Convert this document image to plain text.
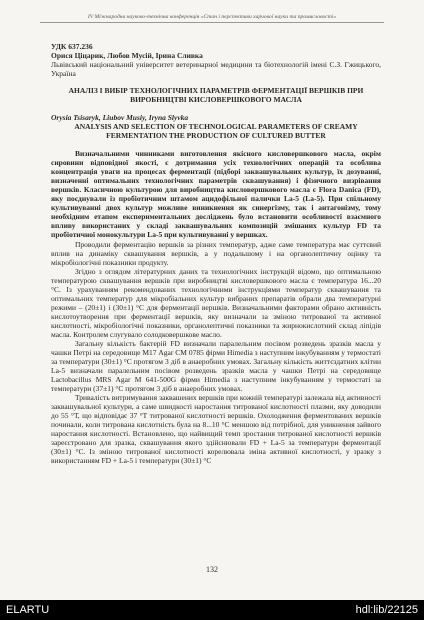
IV Міжнародна науково-технічна конференція «Стан і перспективи харчової науки та промисловості»
УДК 637.236
Орися Ціцарик, Любов Мусій, Ірина Сливка
Львівський національний університет ветеринарної медицини та біотехнологій імені С.З. Гжицького, Україна
АНАЛІЗ І ВИБІР ТЕХНОЛОГІЧНИХ ПАРАМЕТРІВ ФЕРМЕНТАЦІЇ ВЕРШКІВ ПРИ ВИРОБНИЦТВІ КИСЛОВЕРШКОВОГО МАСЛА
Orysia Tsisaryk, Liubov Musiy, Iryna Slyvka
ANALYSIS AND SELECTION OF TECHNOLOGICAL PARAMETERS OF CREAMY FERMENTATION THE PRODUCTION OF CULTURED BUTTER

Визначальними чинниками виготовлення якісного кисловершкового масла, окрім сировини відповідної якості, є дотримання усіх технологічних операцій та особлива концентрація уваги на процесах ферментації (підборі заквашувальних культур, їх дозуванні, визначенні оптимальних технологічних параметрів сквашування) і фізичного визрівання вершків. Класичною культурою для виробництва кисловершкового масла є Flora Danica (FD), яку поєднували із пробіотичним штамом ацидофільної палички La-5 (La-5). При спільному культивуванні двох культур можливе виникнення як синергізму, так і антагонізму, тому необхідним етапом експериментальних досліджень було встановити особливості взаємного впливу використаних у складі заквашувальних композицій змішаних культур FD та пробіотичної монокультури La-5 при культивуванні у вершках.

Проводили ферментацію вершків за різних температур, адже саме температура має суттєвий вплив на динаміку сквашування вершків, а у подальшому і на органолептичну оцінку та мікробіологічні показники продукту.

Згідно з оглядом літературних даних та технологічних інструкцій відомо, що оптимальною температурою сквашування вершків при виробництві кисловершкового масла є температура 16...20 °С. Із урахуванням рекомендованих технологічними інструкціями температур сквашування та оптимальних температур для мікробіальних культур вибраних препаратів обрали два температурні режими – (20±1) і (30±1) °С для ферментації вершків. Визначальними факторами обрано активність кислотоутворення при ферментації вершків, яку визначали за зміною титрованої та активної кислотності, мікробіологічні показники, органолептичні показники та жирнокислотний склад ліпідів масла. Контролем слугувало солодковершкове масло.

Загальну кількість бактерій FD визначали паралельним посівом розведень зразків масла у чашки Петрі на середовище М17 Agar CM 0785 фірми Himedia з наступним інкубуванням у термостаті за температури (30±1) °С протягом 3 діб в анаеробних умовах. Загальну кількість життєздатних клітин La-5 визначали паралельним посівом розведень зразків масла у чашки Петрі на середовище Lactobacillus MRS Agar M 641-500G фірми Himedia з наступним інкубуванням у термостаті за температури (37±1) °С протягом 3 діб в анаеробних умовах.

Тривалість витримування заквашених вершків при кожній температурі залежала від активності заквашувальної культури, а саме швидкості наростання титрованої кислотності плазми, яку доводили до 55 °Т, що відповідає 37 °Т титрованої кислотності вершків. Охолодження ферментованих вершків починали, коли титрована кислотність була на 8...10 °С меншою від потрібної, для уникнення зайвого наростання кислотності. Встановлено, що найвищий темп зростання титрованої кислотності вершків зареєстровано для зразка, сквашування якого здійснювали FD + La-5 за температури ферментації (30±1) °С. Із зміною титрованої кислотності корелювала зміна активної кислотності, у зразку з використанням FD + La-5 і температури (30±1) °С

132
ELARTU	hdl:lib/22125
